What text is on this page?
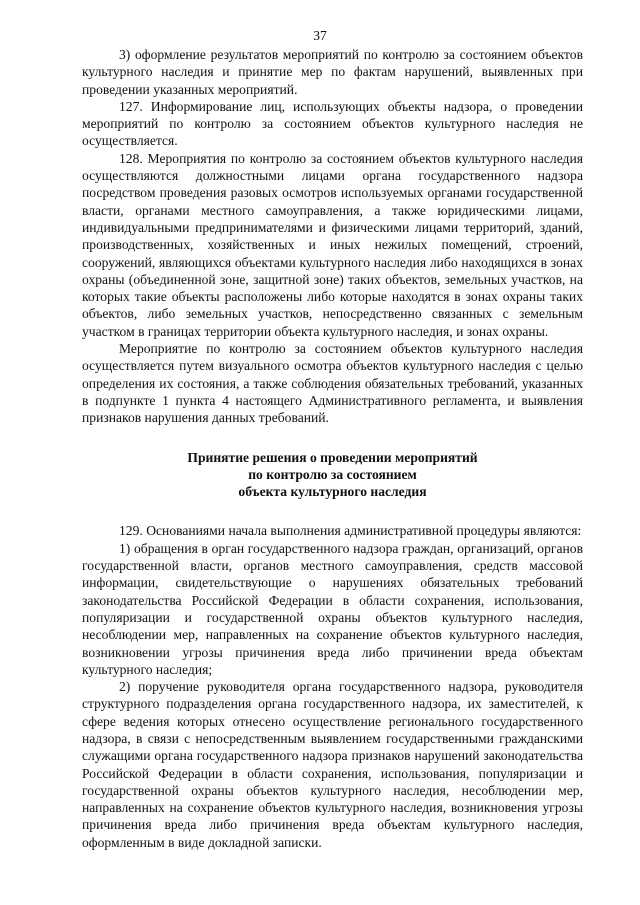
37

3) оформление результатов мероприятий по контролю за состоянием объектов культурного наследия и принятие мер по фактам нарушений, выявленных при проведении указанных мероприятий.

127. Информирование лиц, использующих объекты надзора, о проведении мероприятий по контролю за состоянием объектов культурного наследия не осуществляется.

128. Мероприятия по контролю за состоянием объектов культурного наследия осуществляются должностными лицами органа государственного надзора посредством проведения разовых осмотров используемых органами государственной власти, органами местного самоуправления, а также юридическими лицами, индивидуальными предпринимателями и физическими лицами территорий, зданий, производственных, хозяйственных и иных нежилых помещений, строений, сооружений, являющихся объектами культурного наследия либо находящихся в зонах охраны (объединенной зоне, защитной зоне) таких объектов, земельных участков, на которых такие объекты расположены либо которые находятся в зонах охраны таких объектов, либо земельных участков, непосредственно связанных с земельным участком в границах территории объекта культурного наследия, и зонах охраны.

Мероприятие по контролю за состоянием объектов культурного наследия осуществляется путем визуального осмотра объектов культурного наследия с целью определения их состояния, а также соблюдения обязательных требований, указанных в подпункте 1 пункта 4 настоящего Административного регламента, и выявления признаков нарушения данных требований.

Принятие решения о проведении мероприятий
по контролю за состоянием
объекта культурного наследия

129. Основаниями начала выполнения административной процедуры являются:

1) обращения в орган государственного надзора граждан, организаций, органов государственной власти, органов местного самоуправления, средств массовой информации, свидетельствующие о нарушениях обязательных требований законодательства Российской Федерации в области сохранения, использования, популяризации и государственной охраны объектов культурного наследия, несоблюдении мер, направленных на сохранение объектов культурного наследия, возникновении угрозы причинения вреда либо причинении вреда объектам культурного наследия;

2) поручение руководителя органа государственного надзора, руководителя структурного подразделения органа государственного надзора, их заместителей, к сфере ведения которых отнесено осуществление регионального государственного надзора, в связи с непосредственным выявлением государственными гражданскими служащими органа государственного надзора признаков нарушений законодательства Российской Федерации в области сохранения, использования, популяризации и государственной охраны объектов культурного наследия, несоблюдении мер, направленных на сохранение объектов культурного наследия, возникновения угрозы причинения вреда либо причинения вреда объектам культурного наследия, оформленным в виде докладной записки.
